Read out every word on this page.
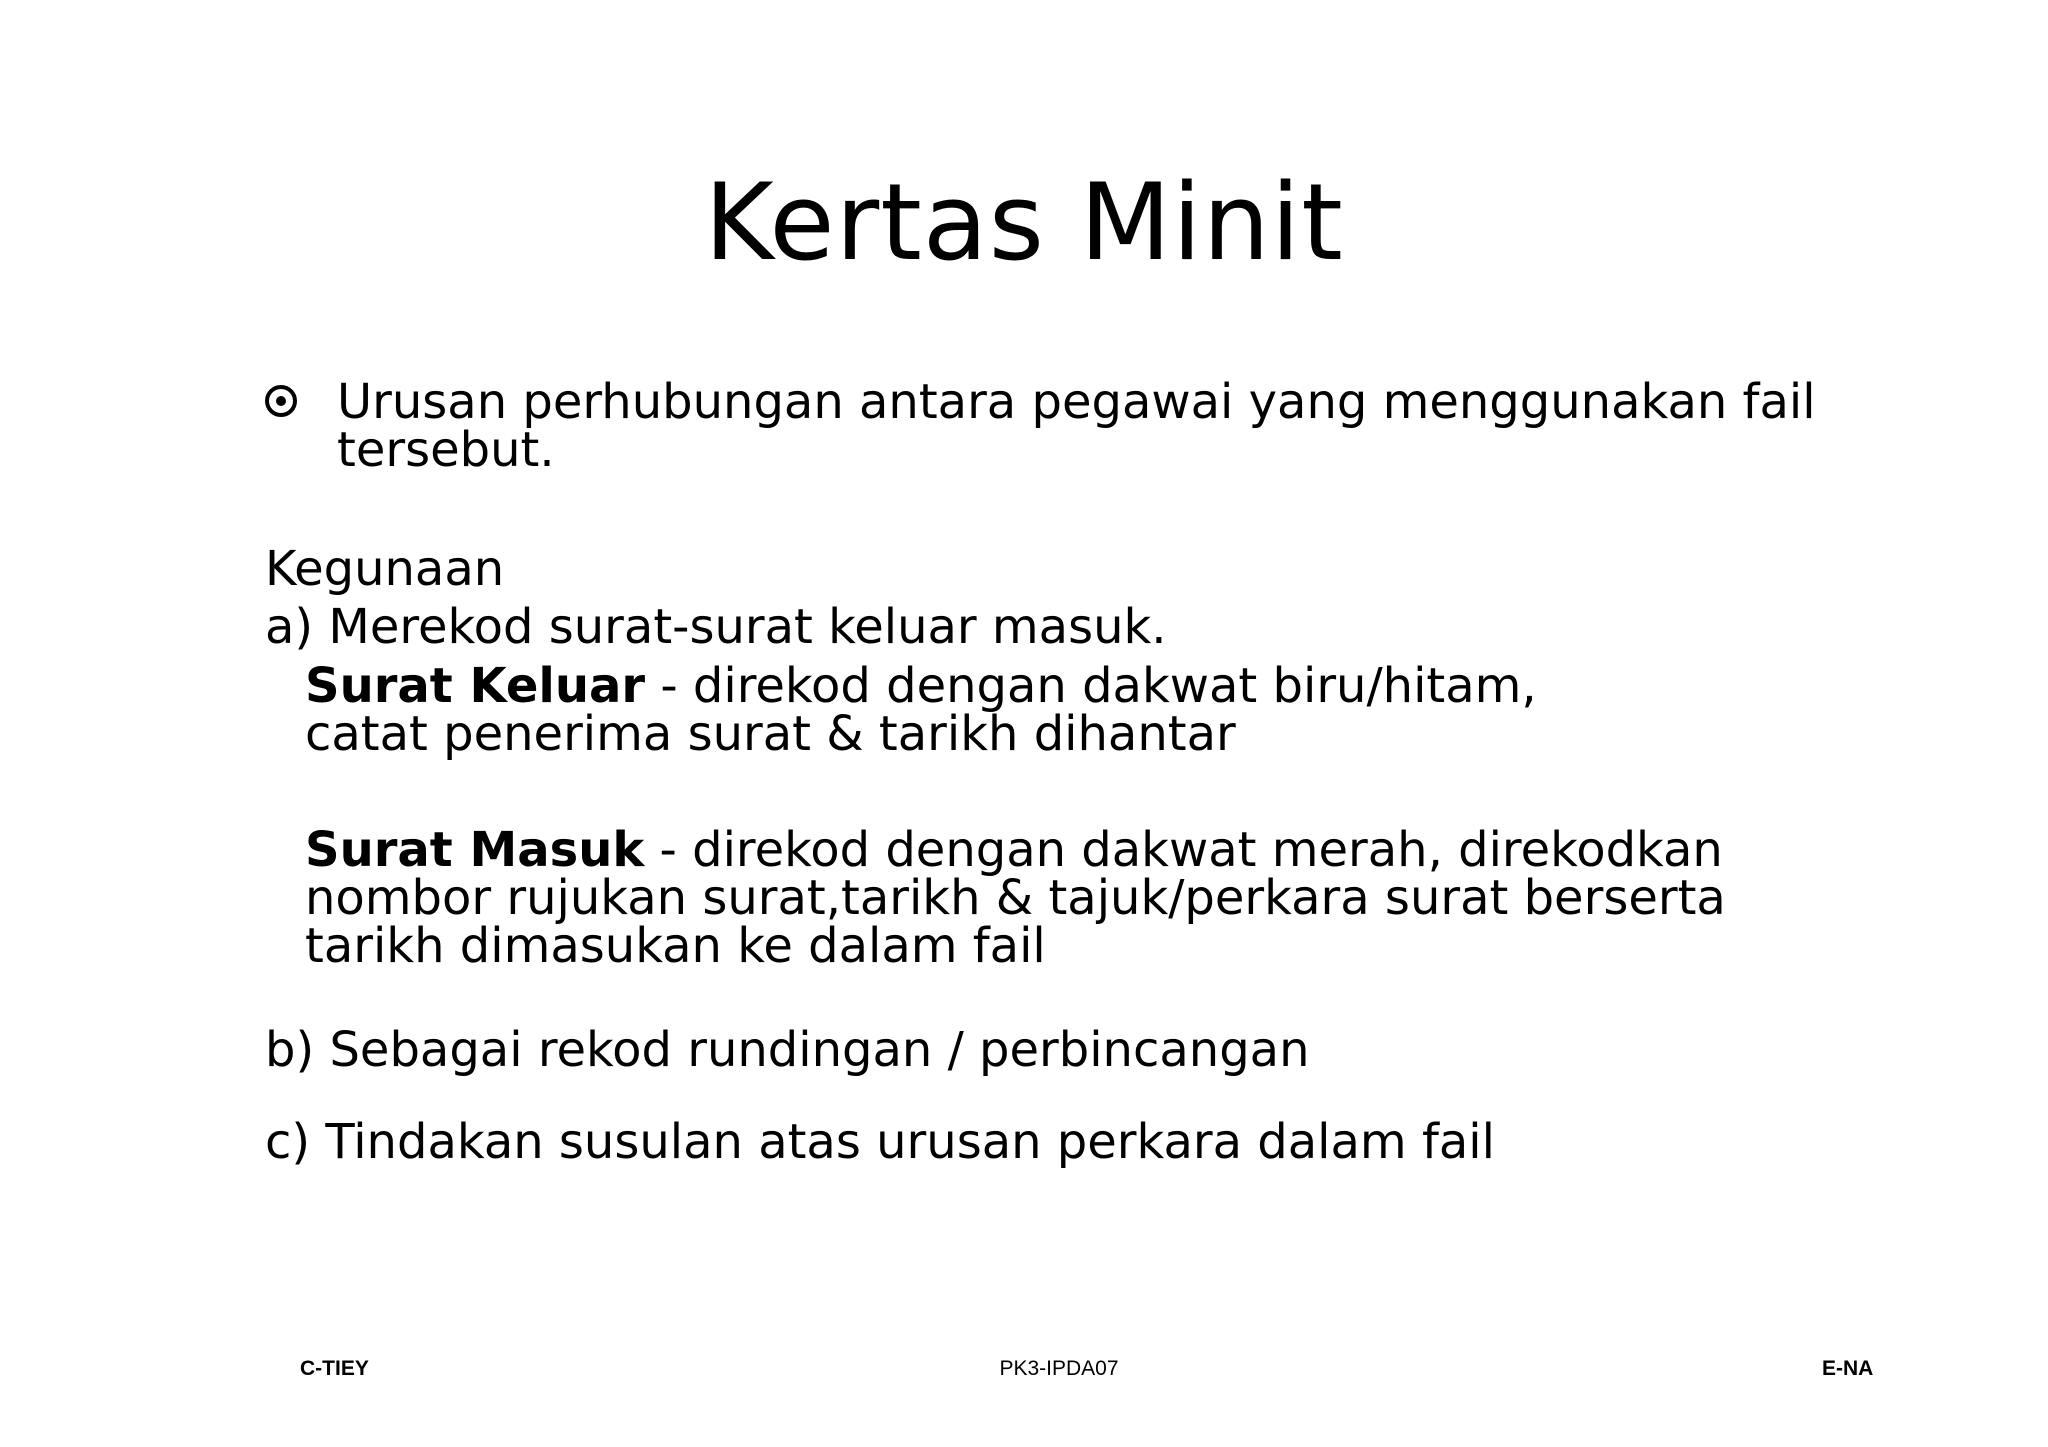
Kertas Minit
Urusan perhubungan antara pegawai yang menggunakan fail tersebut.
Kegunaan
a) Merekod surat-surat keluar masuk.
Surat Keluar - direkod dengan dakwat biru/hitam, catat penerima surat & tarikh dihantar
Surat Masuk - direkod dengan dakwat merah, direkodkan nombor rujukan surat,tarikh & tajuk/perkara surat berserta tarikh dimasukan ke dalam fail
b) Sebagai rekod rundingan / perbincangan
c) Tindakan susulan atas urusan perkara dalam fail
C-TIEY	PK3-IPDA07	E-NA
